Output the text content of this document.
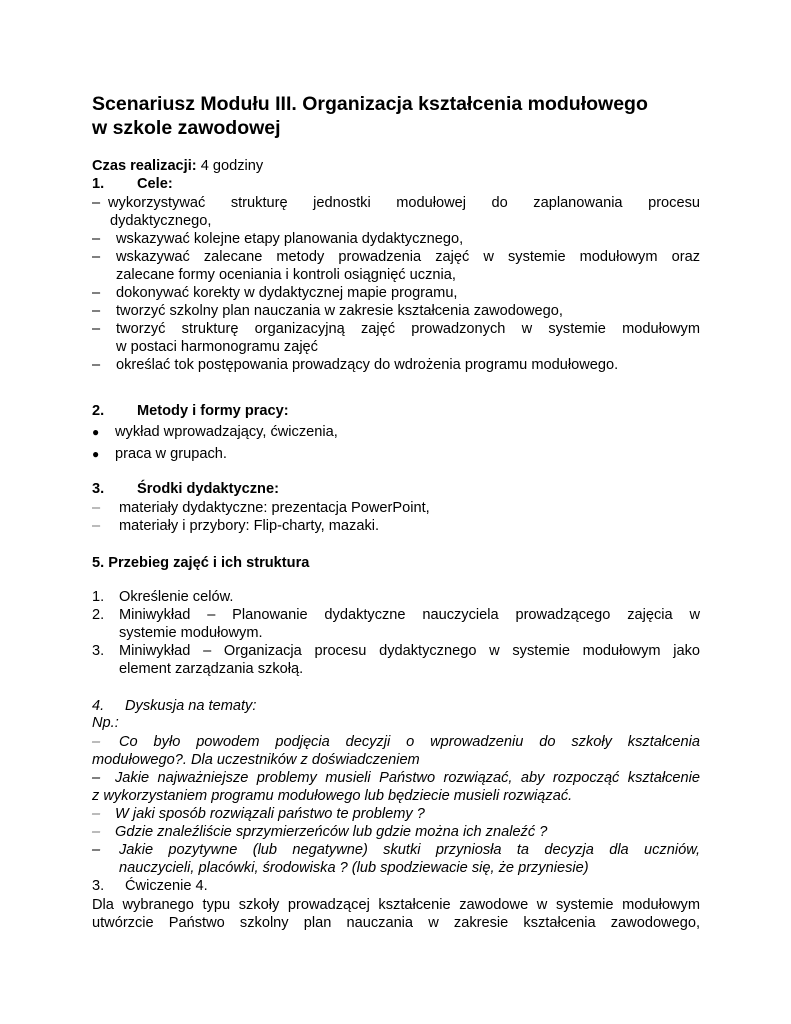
Scenariusz Modułu III. Organizacja kształcenia modułowego
w szkole zawodowej
Czas realizacji: 4 godziny
1. Cele:
– wykorzystywać strukturę jednostki modułowej do zaplanowania procesu
dydaktycznego,
–	wskazywać kolejne etapy planowania dydaktycznego,
–	wskazywać zalecane metody prowadzenia zajęć w systemie modułowym oraz
zalecane formy oceniania i kontroli osiągnięć ucznia,
–	dokonywać korekty w dydaktycznej mapie programu,
–	tworzyć szkolny plan nauczania w zakresie kształcenia zawodowego,
–	tworzyć strukturę organizacyjną zajęć prowadzonych w systemie modułowym
w postaci harmonogramu zajęć
–	określać tok postępowania prowadzący do wdrożenia programu modułowego.
2. Metody i formy pracy:
●	wykład wprowadzający, ćwiczenia,
●	praca w grupach.
3. Środki dydaktyczne:
–	materiały dydaktyczne: prezentacja PowerPoint,
–	materiały i przybory: Flip-charty, mazaki.
5. Przebieg zajęć i ich struktura
1.	Określenie celów.
2.	Miniwykład – Planowanie dydaktyczne nauczyciela prowadzącego zajęcia w
systemie modułowym.
3.	Miniwykład – Organizacja procesu dydaktycznego w systemie modułowym jako
element zarządzania szkołą.
4. Dyskusja na tematy:
Np.:
–	Co było powodem podjęcia decyzji o wprowadzeniu do szkoły kształcenia
modułowego?. Dla uczestników z doświadczeniem
–	Jakie najważniejsze problemy musieli Państwo rozwiązać, aby rozpocząć kształcenie
z wykorzystaniem programu modułowego lub będziecie musieli rozwiązać.
–	W jaki sposób rozwiązali państwo te problemy ?
–	Gdzie znaleźliście sprzymierzeńców lub gdzie można ich znaleźć ?
–	Jakie pozytywne (lub negatywne) skutki przyniosła ta decyzja dla uczniów,
nauczycieli, placówki, środowiska ? (lub spodziewacie się, że przyniesie)
3. Ćwiczenie 4.
Dla wybranego typu szkoły prowadzącej kształcenie zawodowe w systemie modułowym
utwórzcie Państwo szkolny plan nauczania w zakresie kształcenia zawodowego,
